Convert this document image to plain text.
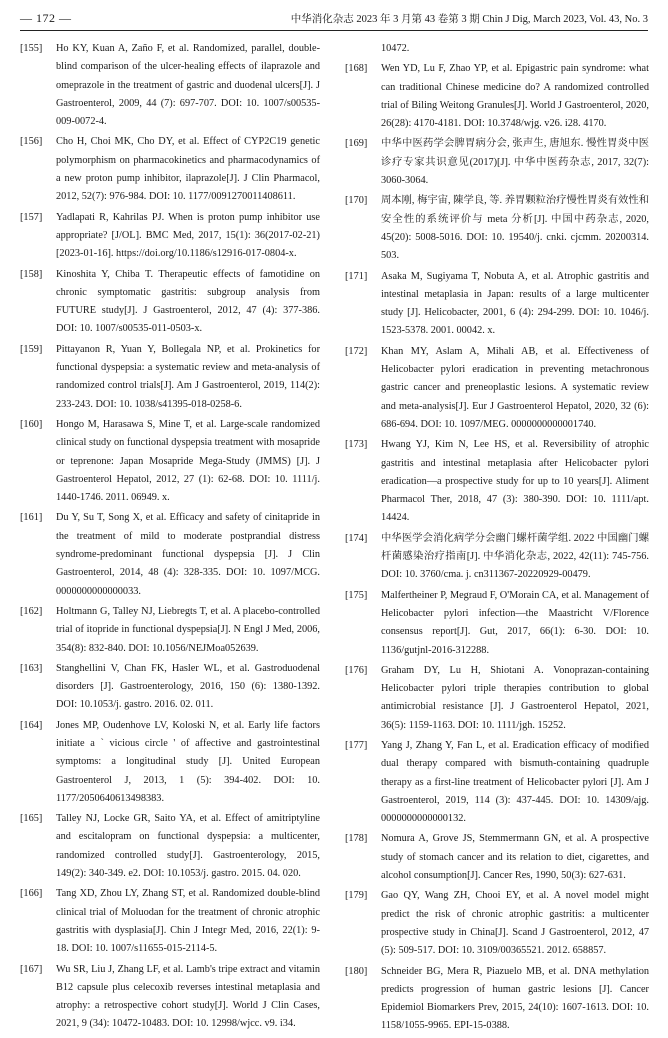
— 172 —	中华消化杂志 2023 年 3 月第 43 卷第 3 期 Chin J Dig, March 2023, Vol. 43, No. 3
[155] Ho KY, Kuan A, Zaño F, et al. Randomized, parallel, double-blind comparison of the ulcer-healing effects of ilaprazole and omeprazole in the treatment of gastric and duodenal ulcers[J]. J Gastroenterol, 2009, 44 (7): 697-707. DOI: 10. 1007/s00535-009-0072-4.
[156] Cho H, Choi MK, Cho DY, et al. Effect of CYP2C19 genetic polymorphism on pharmacokinetics and pharmacodynamics of a new proton pump inhibitor, ilaprazole[J]. J Clin Pharmacol, 2012, 52(7): 976-984. DOI: 10. 1177/0091270011408611.
[157] Yadlapati R, Kahrilas PJ. When is proton pump inhibitor use appropriate? [J/OL]. BMC Med, 2017, 15(1): 36(2017-02-21) [2023-01-16]. https://doi.org/10.1186/s12916-017-0804-x.
[158] Kinoshita Y, Chiba T. Therapeutic effects of famotidine on chronic symptomatic gastritis: subgroup analysis from FUTURE study[J]. J Gastroenterol, 2012, 47 (4): 377-386. DOI: 10. 1007/s00535-011-0503-x.
[159] Pittayanon R, Yuan Y, Bollegala NP, et al. Prokinetics for functional dyspepsia: a systematic review and meta-analysis of randomized control trials[J]. Am J Gastroenterol, 2019, 114(2): 233-243. DOI: 10. 1038/s41395-018-0258-6.
[160] Hongo M, Harasawa S, Mine T, et al. Large-scale randomized clinical study on functional dyspepsia treatment with mosapride or teprenone: Japan Mosapride Mega-Study (JMMS) [J]. J Gastroenterol Hepatol, 2012, 27 (1): 62-68. DOI: 10. 1111/j. 1440-1746. 2011. 06949. x.
[161] Du Y, Su T, Song X, et al. Efficacy and safety of cinitapride in the treatment of mild to moderate postprandial distress syndrome-predominant functional dyspepsia [J]. J Clin Gastroenterol, 2014, 48 (4): 328-335. DOI: 10. 1097/MCG. 0000000000000033.
[162] Holtmann G, Talley NJ, Liebregts T, et al. A placebo-controlled trial of itopride in functional dyspepsia[J]. N Engl J Med, 2006, 354(8): 832-840. DOI: 10.1056/NEJMoa052639.
[163] Stanghellini V, Chan FK, Hasler WL, et al. Gastroduodenal disorders [J]. Gastroenterology, 2016, 150 (6): 1380-1392. DOI: 10.1053/j. gastro. 2016. 02. 011.
[164] Jones MP, Oudenhove LV, Koloski N, et al. Early life factors initiate a ` vicious circle ' of affective and gastrointestinal symptoms: a longitudinal study [J]. United European Gastroenterol J, 2013, 1 (5): 394-402. DOI: 10. 1177/2050640613498383.
[165] Talley NJ, Locke GR, Saito YA, et al. Effect of amitriptyline and escitalopram on functional dyspepsia: a multicenter, randomized controlled study[J]. Gastroenterology, 2015, 149(2): 340-349. e2. DOI: 10.1053/j. gastro. 2015. 04. 020.
[166] Tang XD, Zhou LY, Zhang ST, et al. Randomized double-blind clinical trial of Moluodan for the treatment of chronic atrophic gastritis with dysplasia[J]. Chin J Integr Med, 2016, 22(1): 9-18. DOI: 10. 1007/s11655-015-2114-5.
[167] Wu SR, Liu J, Zhang LF, et al. Lamb's tripe extract and vitamin B12 capsule plus celecoxib reverses intestinal metaplasia and atrophy: a retrospective cohort study[J]. World J Clin Cases, 2021, 9 (34): 10472-10483. DOI: 10. 12998/wjcc. v9. i34.
10472.
[168] Wen YD, Lu F, Zhao YP, et al. Epigastric pain syndrome: what can traditional Chinese medicine do? A randomized controlled trial of Biling Weitong Granules[J]. World J Gastroenterol, 2020, 26(28): 4170-4181. DOI: 10.3748/wjg. v26. i28. 4170.
[169] 中华中医药学会脾胃病分会, 张声生, 唐旭东. 慢性胃炎中医诊疗专家共识意见(2017)[J]. 中华中医药杂志, 2017, 32(7): 3060-3064.
[170] 周本刚, 梅宇宙, 陳学良, 等. 养胃颗粒治疗慢性胃炎有效性和安全性的系统评价与 meta 分析[J]. 中国中药杂志, 2020, 45(20): 5008-5016. DOI: 10. 19540/j. cnki. cjcmm. 20200314. 503.
[171] Asaka M, Sugiyama T, Nobuta A, et al. Atrophic gastritis and intestinal metaplasia in Japan: results of a large multicenter study [J]. Helicobacter, 2001, 6 (4): 294-299. DOI: 10. 1046/j. 1523-5378. 2001. 00042. x.
[172] Khan MY, Aslam A, Mihali AB, et al. Effectiveness of Helicobacter pylori eradication in preventing metachronous gastric cancer and preneoplastic lesions. A systematic review and meta-analysis[J]. Eur J Gastroenterol Hepatol, 2020, 32 (6): 686-694. DOI: 10. 1097/MEG. 0000000000001740.
[173] Hwang YJ, Kim N, Lee HS, et al. Reversibility of atrophic gastritis and intestinal metaplasia after Helicobacter pylori eradication—a prospective study for up to 10 years[J]. Aliment Pharmacol Ther, 2018, 47 (3): 380-390. DOI: 10. 1111/apt. 14424.
[174] 中华医学会消化病学分会幽门螺杆菌学组. 2022 中国幽门螺杆菌感染治疗指南[J]. 中华消化杂志, 2022, 42(11): 745-756. DOI: 10. 3760/cma. j. cn311367-20220929-00479.
[175] Malfertheiner P, Megraud F, O'Morain CA, et al. Management of Helicobacter pylori infection—the Maastricht V/Florence consensus report[J]. Gut, 2017, 66(1): 6-30. DOI: 10. 1136/gutjnl-2016-312288.
[176] Graham DY, Lu H, Shiotani A. Vonoprazan-containing Helicobacter pylori triple therapies contribution to global antimicrobial resistance [J]. J Gastroenterol Hepatol, 2021, 36(5): 1159-1163. DOI: 10. 1111/jgh. 15252.
[177] Yang J, Zhang Y, Fan L, et al. Eradication efficacy of modified dual therapy compared with bismuth-containing quadruple therapy as a first-line treatment of Helicobacter pylori [J]. Am J Gastroenterol, 2019, 114 (3): 437-445. DOI: 10. 14309/ajg. 0000000000000132.
[178] Nomura A, Grove JS, Stemmermann GN, et al. A prospective study of stomach cancer and its relation to diet, cigarettes, and alcohol consumption[J]. Cancer Res, 1990, 50(3): 627-631.
[179] Gao QY, Wang ZH, Chooi EY, et al. A novel model might predict the risk of chronic atrophic gastritis: a multicenter prospective study in China[J]. Scand J Gastroenterol, 2012, 47 (5): 509-517. DOI: 10. 3109/00365521. 2012. 658857.
[180] Schneider BG, Mera R, Piazuelo MB, et al. DNA methylation predicts progression of human gastric lesions [J]. Cancer Epidemiol Biomarkers Prev, 2015, 24(10): 1607-1613. DOI: 10. 1158/1055-9965. EPI-15-0388.
